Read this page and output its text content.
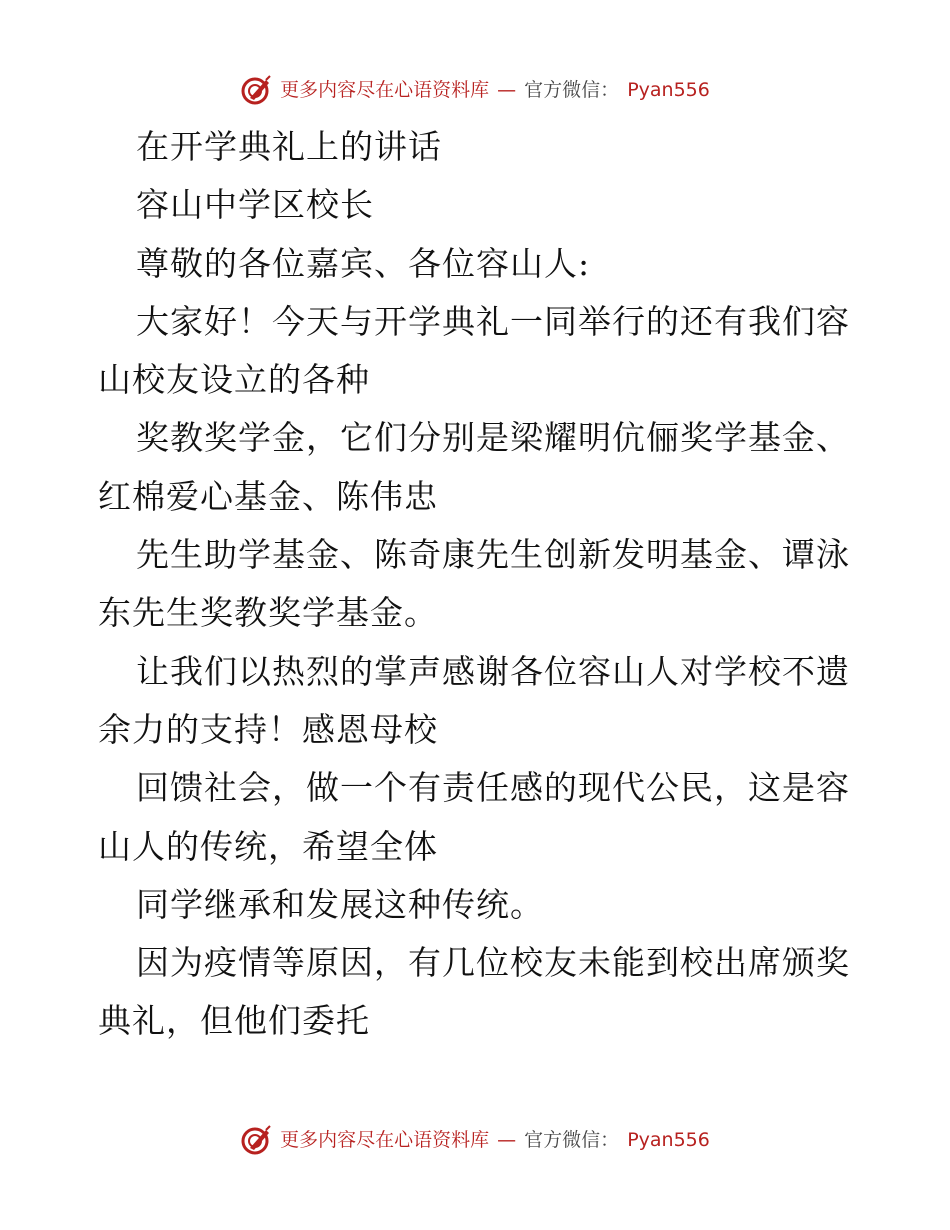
更多内容尽在心语资料库 — 官方微信： Pyan556
在开学典礼上的讲话
容山中学区校长
尊敬的各位嘉宾、各位容山人:
大家好！今天与开学典礼一同举行的还有我们容
山校友设立的各种
奖教奖学金，它们分别是梁耀明伉俪奖学基金、
红棉爱心基金、陈伟忠
先生助学基金、陈奇康先生创新发明基金、谭泳
东先生奖教奖学基金。
让我们以热烈的掌声感谢各位容山人对学校不遗
余力的支持！感恩母校
回馈社会，做一个有责任感的现代公民，这是容
山人的传统，希望全体
同学继承和发展这种传统。
因为疫情等原因，有几位校友未能到校出席颁奖
典礼，但他们委托
更多内容尽在心语资料库 — 官方微信： Pyan556
